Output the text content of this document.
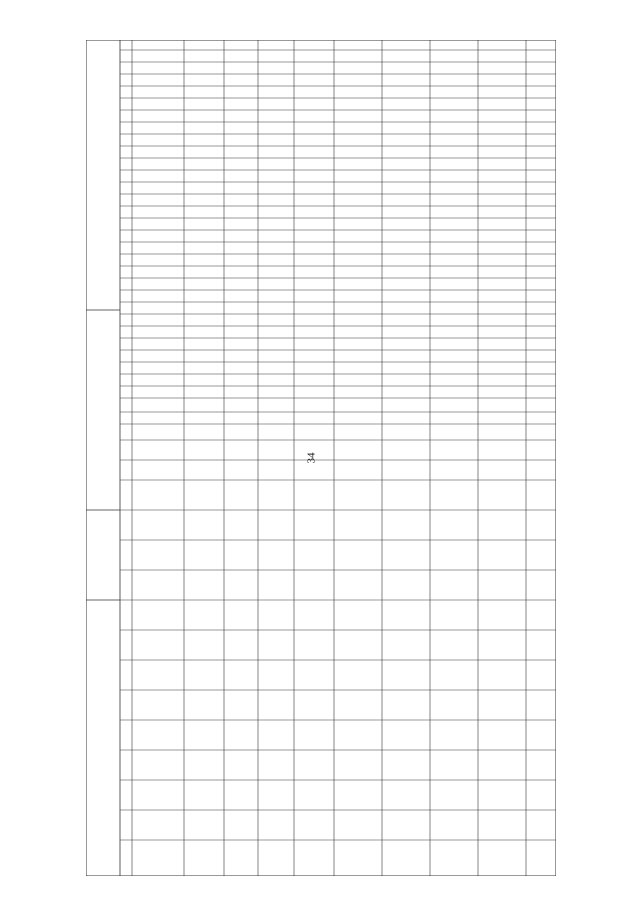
34
